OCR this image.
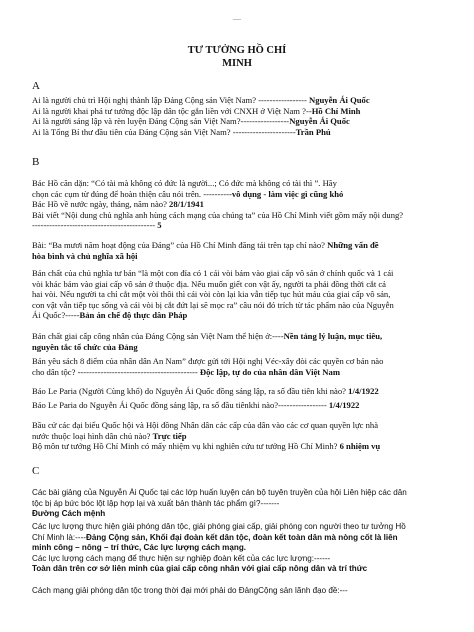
—
TƯ TƯỞNG HỒ CHÍ
MINH
A
Ai là người chủ trì Hội nghị thành lập Đảng Cộng sản Việt Nam? ----------------- Nguyễn Ái Quốc
Ai là người khai phá tư tưởng độc lập dân tộc gắn liền với CNXH ở Việt Nam ?--Hồ Chí Minh
Ai là người sáng lập và rèn luyện Đảng Cộng sản Việt Nam?-----------------Nguyễn Ái Quốc
Ai là Tổng Bí thư đầu tiên của Đảng Cộng sản Việt Nam? ----------------------Trần Phú
B
Bác Hồ căn dặn: “Có tài mà không có đức là người...; Có đức mà không có tài thì ”. Hãy
chọn các cụm từ đúng để hoàn thiện câu nói trên. ----------vô dụng - làm việc gì cũng khó
Bác Hồ về nước ngày, tháng, năm nào? 28/1/1941
Bài viết “Nội dung chủ nghĩa anh hùng cách mạng của chúng ta” của Hồ Chí Minh viết gồm mấy nội dung?
------------------------------------------- 5
Bài: “Ba mươi năm hoạt động của Đảng” của Hồ Chí Minh đăng tải trên tạp chí nào? Những vấn đề
hòa bình và chủ nghĩa xã hội
Bản chất của chủ nghĩa tư bản “là một con đỉa có 1 cái vòi bám vào giai cấp vô sản ở chính quốc và 1 cái
vòi khác bám vào giai cấp vô sản ở thuộc địa. Nếu muốn giết con vật ấy, người ta phải đồng thời cắt cả
hai vòi. Nếu người ta chỉ cắt một vòi thôi thì cái vòi còn lại kia vẫn tiếp tục hút máu của giai cấp vô sản,
con vật vẫn tiếp tục sống và cái vòi bị cắt đứt lại sẽ mọc ra” câu nói đó trích từ tác phẩm nào của Nguyễn
Ái Quốc?-----Bản án chế độ thực dân Pháp
Bản chất giai cấp công nhân của Đảng Cộng sản Việt Nam thể hiện ở:----Nền tảng lý luận, mục tiêu,
nguyên tắc tổ chức của Đảng
Bản yêu sách 8 điểm của nhân dân An Nam” được gửi tới Hội nghị Véc-xây đòi các quyền cơ bản nào
cho dân tộc? ------------------------------------------ Độc lập, tự do của nhân dân Việt Nam
Báo Le Paria (Người Cùng khổ) do Nguyễn Ái Quốc đồng sáng lập, ra số đầu tiên khi nào? 1/4/1922
Báo Le Paria do Nguyễn Ái Quốc đồng sáng lập, ra số đầu tiênkhi nào?----------------- 1/4/1922
Bầu cử các đại biểu Quốc hội và Hội đồng Nhân dân các cấp của dân vào các cơ quan quyền lực nhà
nước thuộc loại hình dân chủ nào? Trực tiếp
Bộ môn tư tưởng Hồ Chí Minh có mấy nhiệm vụ khi nghiên cứu tư tưởng Hồ Chí Minh? 6 nhiệm vụ
C
Các bài giảng của Nguyễn Ái Quốc tại các lớp huấn luyện cán bộ tuyên truyền của hội Liên hiệp các dân
tộc bị áp bức bóc lột lập hợp lại và xuất bản thành tác phẩm gì?-------
Đường Cách mệnh
Các lực lượng thực hiện giải phóng dân tộc, giải phóng giai cấp, giải phóng con người theo tư tưởng Hồ
Chí Minh là:----Đảng Cộng sản, Khối đại đoàn kết dân tộc, đoàn kết toàn dân mà nòng cốt là liên
minh công – nông – trí thức, Các lực lượng cách mạng.
Các lực lượng cách mạng để thực hiện sự nghiệp đoàn kết của các lực lượng:------
Toàn dân trên cơ sở liên minh của giai cấp công nhân với giai cấp nông dân và trí thức
Cách mạng giải phóng dân tộc trong thời đại mới phải do ĐảngCộng sản lãnh đạo đề:---
